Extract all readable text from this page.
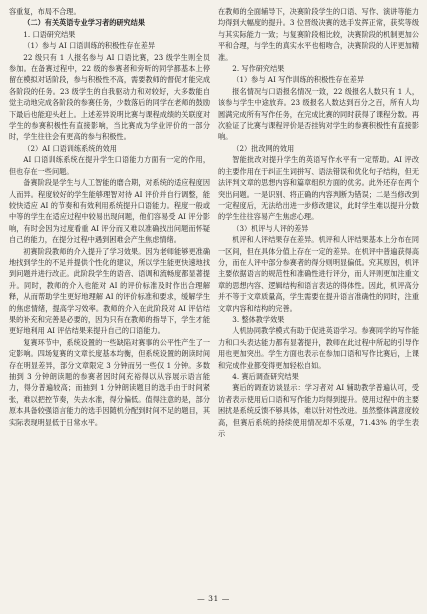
容重复，布局不合理。

（二）有关英语专业学习者的研究结果

1. 口语研究结果

（1）参与 AI 口语训练的积极性存在差异

22 级只有 1 人报名参与 AI 口语比赛，23 级学生则全员参加。在备赛过程中，22 级的参赛者和旁听的同学都基本上停留在模拟对话阶段，参与积极性不高，需要教师的督促才能完成各阶段的任务。23 级学生的自我驱动力和对较好，大多数能自觉主动地完成各阶段的参赛任务，少数落后的同学在老师的鼓励下最后也能迎头赶上。上述差异说明比赛与课程成绩的关联度对学生的参赛积极性有直接影响，当比赛成为学业评价的一部分时，学生往往会有更高的参与积极性。

（2）AI 口语训练系统的效用

AI 口语训练系统在提升学生口语能力方面有一定的作用，但也存在一些问题。

备赛阶段是学生与人工智能的磨合期，对系统的适应程度因人而异。程度较好的学生能够理智对待 AI 评价并自行调整，能较快适应 AI 的节奏和有效利用系统提升口语能力。程度一般或中等的学生在适应过程中较易出现问题，他们容易受 AI 评分影响，有时会因为过度看重 AI 评分而又难以准确找出问题而怀疑自己的能力，在提分过程中遇到困难会产生焦虑情绪。

初赛阶段教师的介入提升了学习效果。因为老师能够更准确地找到学生的不足并提供个性化的建议，所以学生能更快速地找到问题并进行改正。此阶段学生的语音、语调和流畅度都显著提升。同时，教师的介入也能对 AI 的评价标准及时作出合理解释，从而帮助学生更好地理解 AI 的评价标准和要求，缓解学生的焦虑情绪，提高学习效率。教师的介入在此阶段对 AI 评估结果的补充和完善是必要的，因为只有在教师的指导下，学生才能更好地利用 AI 评估结果来提升自己的口语能力。

复赛环节中，系统设置的一些缺陷对赛事的公平性产生了一定影响。四场复赛的文章长度基本均衡，但系统设置的朗读时间存在明显差异，部分文章限定 3 分钟而另一些仅 1 分钟。多数抽到 3 分钟朗读题的参赛者因时间充裕得以从容展示语言能力，得分普遍较高；而抽到 1 分钟朗读题目的选手由于时间紧张，难以把控节奏，失去水准，得分偏低。值得注意的是，部分原本具备较强语言能力的选手因随机分配到时间不足的题目，其实际表现明显低于日常水平。

在教师的全面辅导下，决赛阶段学生的口语、写作、演讲等能力均得到大幅度的提升。3 位晋级决赛的选手发挥正常，获奖等级与其实际能力一致；与复赛阶段相比较，决赛阶段的机制更加公平和合理，与学生的真实水平也相吻合，决赛阶段的人评更加精准。

2. 写作研究结果

（1）参与 AI 写作训练的积极性存在差异

报名情况与口语报名情况一致，22 级报名人数只有 1 人，该参与学生中途放弃。23 级报名人数达到百分之百，所有人均圆满完成所有写作任务，在完成比赛的同时获得了课程分数。再次验证了比赛与课程评价是否挂钩对学生的参赛积极性有直接影响。

（2）批改网的效用

智能批改对提升学生的英语写作水平有一定帮助。AI 评改的主要作用在于纠正生词拼写、语法错误和优化句子结构，但无法评判文章的思想内容和篇章组织方面的优劣。此外还存在两个突出问题。一是识别、将正确的内容判断为错误；二是当修改到一定程度后，无法给出进一步修改建议，此时学生难以提升分数的学生往往容易产生焦虑心理。

（3）机评与人评的差异

机评和人评结果存在差异。机评和人评结果基本上分布在同一区间，但在具体分值上存在一定的差异。在机评中普遍获得高分，而在人评中部分参赛者的得分则明显偏低。究其原因，机评主要依据语言的规范性和准确性进行评分，而人评则更加注重文章的思想内容、逻辑结构和语言表达的得体性。因此，机评高分并不等于文章质量高，学生需要在提升语言准确性的同时，注重文章内容和结构的完善。

3. 整体教学效果

人机协同教学模式有助于促进英语学习。参赛同学的写作能力和口头表达能力都有显著提升，教师在此过程中所起的引导作用也更加突出。学生方面也表示在参加口语和写作比赛后，上课和完成作业都变得更加轻松自如。

4. 赛后调查研究结果

赛后的调查访谈显示：学习者对 AI 辅助教学普遍认可，受访者表示使用后口语和写作能力均得到提升。使用过程中的主要困扰是系统反馈不够具体，难以针对性改进。虽然整体满意度较高，但赛后系统的持续使用情况却不乐观，71.43% 的学生表示

— 31 —
